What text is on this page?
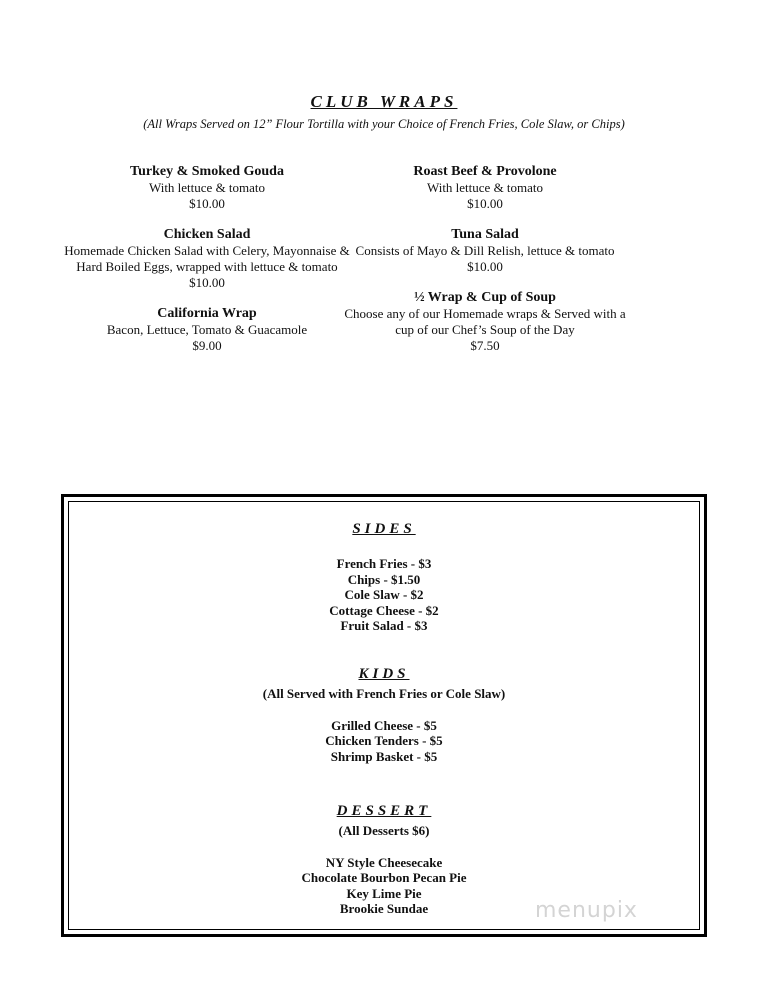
CLUB WRAPS
(All Wraps Served on 12” Flour Tortilla with your Choice of French Fries, Cole Slaw, or Chips)
Turkey & Smoked Gouda
With lettuce & tomato
$10.00
Chicken Salad
Homemade Chicken Salad with Celery, Mayonnaise & Hard Boiled Eggs, wrapped with lettuce & tomato
$10.00
California Wrap
Bacon, Lettuce, Tomato & Guacamole
$9.00
Roast Beef & Provolone
With lettuce & tomato
$10.00
Tuna Salad
Consists of Mayo & Dill Relish, lettuce & tomato
$10.00
½ Wrap & Cup of Soup
Choose any of our Homemade wraps & Served with a cup of our Chef’s Soup of the Day
$7.50
SIDES
French Fries - $3
Chips - $1.50
Cole Slaw - $2
Cottage Cheese - $2
Fruit Salad - $3
KIDS
(All Served with French Fries or Cole Slaw)
Grilled Cheese - $5
Chicken Tenders - $5
Shrimp Basket - $5
DESSERT
(All Desserts $6)
NY Style Cheesecake
Chocolate Bourbon Pecan Pie
Key Lime Pie
Brookie Sundae	menupix
